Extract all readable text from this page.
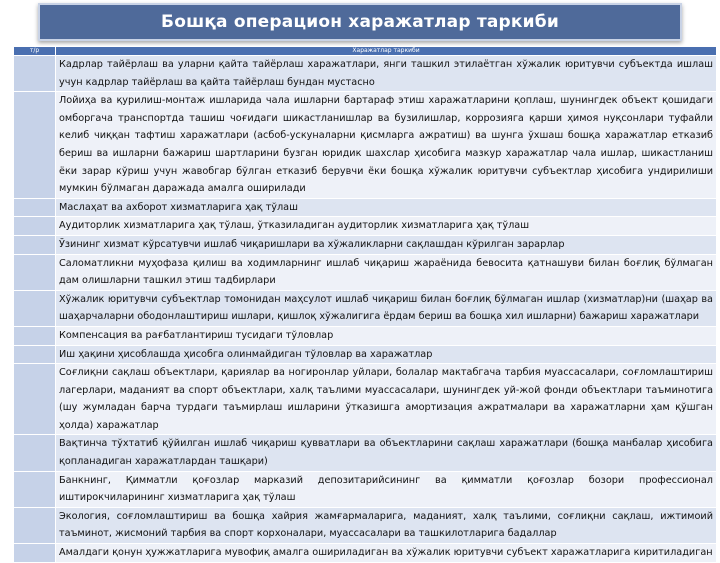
Бошқа операцион харажатлар таркиби
т/р	Харажатлар таркиби
	Кадрлар тайёрлаш ва уларни қайта тайёрлаш харажатлари, янги ташкил этилаётган хўжалик юритувчи субъектда ишлаш учун кадрлар тайёрлаш ва қайта тайёрлаш бундан мустасно
	Лойиҳа ва қурилиш-монтаж ишларида чала ишларни бартараф этиш харажатларини қоплаш, шунингдек объект қошидаги омборгача транспортда ташиш чоғидаги шикастланишлар ва бузилишлар, коррозияга қарши ҳимоя нуқсонлари туфайли келиб чиққан тафтиш харажатлари (асбоб-ускуналарни қисмларга ажратиш) ва шунга ўхшаш бошқа харажатлар етказиб бериш ва ишларни бажариш шартларини бузган юридик шахслар ҳисобига мазкур харажатлар чала ишлар, шикастланиш ёки зарар кўриш учун жавобгар бўлган етказиб берувчи ёки бошқа хўжалик юритувчи субъектлар ҳисобига ундирилиши мумкин бўлмаган даражада амалга оширилади
	Маслаҳат ва ахборот хизматларига ҳақ тўлаш
	Аудиторлик хизматларига ҳақ тўлаш, ўтказиладиган аудиторлик хизматларига ҳақ тўлаш
	Ўзининг хизмат кўрсатувчи ишлаб чиқаришлари ва хўжаликларни сақлашдан кўрилган зарарлар
	Саломатликни муҳофаза қилиш ва ходимларнинг ишлаб чиқариш жараёнида бевосита қатнашуви билан боғлиқ бўлмаган дам олишларни ташкил этиш тадбирлари
	Хўжалик юритувчи субъектлар томонидан маҳсулот ишлаб чиқариш билан боғлиқ бўлмаган ишлар (хизматлар)ни (шаҳар ва шаҳарчаларни ободонлаштириш ишлари, қишлоқ хўжалигига ёрдам бериш ва бошқа хил ишларни) бажариш харажатлари
	Компенсация ва рағбатлантириш тусидаги тўловлар
	Иш ҳақини ҳисоблашда ҳисобга олинмайдиган тўловлар ва харажатлар
	Соғлиқни сақлаш объектлари, қариялар ва ногиронлар уйлари, болалар мактабгача тарбия муассасалари, соғломлаштириш лагерлари, маданият ва спорт объектлари, халқ таълими муассасалари, шунингдек уй-жой фонди объектлари таъминотига (шу жумладан барча турдаги таъмирлаш ишларини ўтказишга амортизация ажратмалари ва харажатларни ҳам қўшган ҳолда) харажатлар
	Вақтинча тўхтатиб қўйилган ишлаб чиқариш қувватлари ва объектларини сақлаш харажатлари (бошқа манбалар ҳисобига қопланадиган харажатлардан ташқари)
	Банкнинг, Қимматли қоғозлар марказий депозитарийсининг ва қимматли қоғозлар бозори профессионал иштирокчиларининг хизматларига ҳақ тўлаш
	Экология, соғломлаштириш ва бошқа хайрия жамғармаларига, маданият, халқ таълими, соғлиқни сақлаш, ижтимоий таъминот, жисмоний тарбия ва спорт корхоналари, муассасалари ва ташкилотларига бадаллар
	Амалдаги қонун ҳужжатларига мувофиқ амалга ошириладиган ва хўжалик юритувчи субъект харажатларига киритиладиган
